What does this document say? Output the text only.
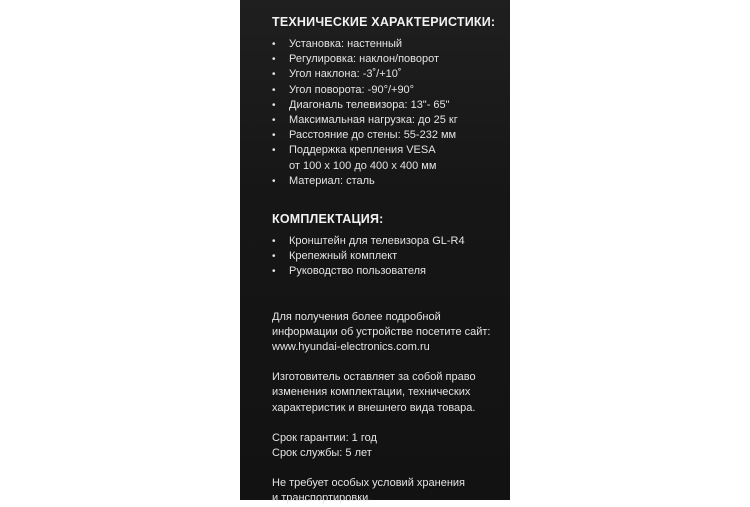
ТЕХНИЧЕСКИЕ ХАРАКТЕРИСТИКИ:

• Установка: настенный
• Регулировка: наклон/поворот
• Угол наклона: -3˚/+10˚
• Угол поворота: -90°/+90°
• Диагональ телевизора: 13"- 65"
• Максимальная нагрузка: до 25 кг
• Расстояние до стены: 55-232 мм
• Поддержка крепления VESA
от 100 x 100 до 400 x 400 мм
• Материал: сталь

КОМПЛЕКТАЦИЯ:

• Кронштейн для телевизора GL-R4
• Крепежный комплект
• Руководство пользователя

Для получения более подробной
информации об устройстве посетите сайт:
www.hyundai-electronics.com.ru

Изготовитель оставляет за собой право
изменения комплектации, технических
характеристик и внешнего вида товара.

Срок гарантии: 1 год
Срок службы: 5 лет

Не требует особых условий хранения
и транспортировки.
